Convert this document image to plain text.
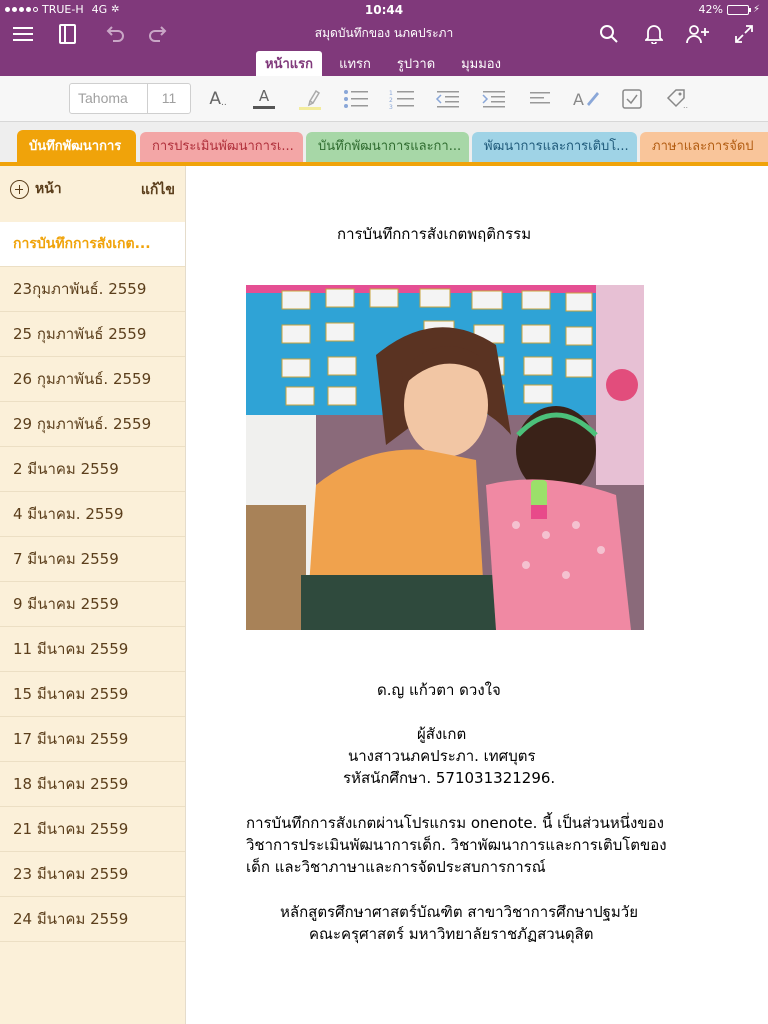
TRUE-H 4G ✲	10:44	42%	⚡
สมุดบันทึกของ นภคประภา
หน้าแรก	แทรก	รูปวาด	มุมมอง
Tahoma	11	A .. A	1
2
3	A	..
บันทึกพัฒนาการ	การประเมินพัฒนาการเ...	บันทึกพัฒนาการและกา...	พัฒนาการและการเติบโ...	ภาษาและการจัดป
หน้า	แก้ไข
การบันทึกการสังเกต...
23กุมภาพันธ์. 2559
25 กุมภาพันธ์ 2559
26 กุมภาพันธ์. 2559
29 กุมภาพันธ์. 2559
2 มีนาคม 2559
4 มีนาคม. 2559
7 มีนาคม 2559
9 มีนาคม 2559
11 มีนาคม 2559
15 มีนาคม 2559
17 มีนาคม 2559
18 มีนาคม 2559
21 มีนาคม 2559
23 มีนาคม 2559
24 มีนาคม 2559
การบันทึกการสังเกตพฤติกรรม
ด.ญ แก้วตา ดวงใจ
ผู้สังเกต
นางสาวนภคประภา. เทศบุตร
รหัสนักศึกษา. 571031321296.
การบันทึกการสังเกตผ่านโปรแกรม onenote. นี้ เป็นส่วนหนึ่งของ
วิชาการประเมินพัฒนาการเด็ก. วิชาพัฒนาการและการเติบโตของ
เด็ก และวิชาภาษาและการจัดประสบการการณ์
หลักสูตรศึกษาศาสตร์บัณฑิต สาขาวิชาการศึกษาปฐมวัย
คณะครุศาสตร์ มหาวิทยาลัยราชภัฏสวนดุสิต
